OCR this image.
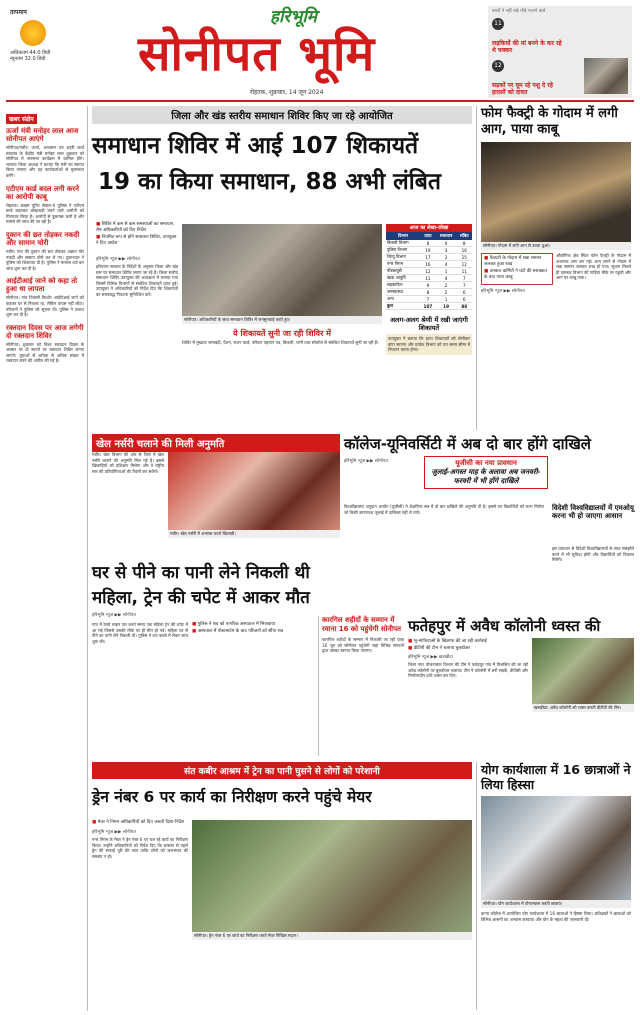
तापमान
अधिकतम 44.0 डिग्री
न्यूनतम 32.0 डिग्री
हरिभूमि
सोनीपत भूमि
रोहतक, शुक्रवार, 14 जून 2024
बच्चों ने नहीं रखे पौधे पालने वाले
11 लड़कियों की मां बनने के कर रहे थे चक्कर
12 सड़कों पर घूम रहे पशु दे रहे हादसों को दावत
खबर संक्षेप
ऊर्जा मंत्री मनोहर लाल आज सोनीपत आएंगे
सोनीपत/गन्नौर। ऊर्जा, आवासन एवं शहरी कार्य मंत्रालय के केंद्रीय मंत्री मनोहर लाल शुक्रवार को सोनीपत में जनसभा कार्यक्रम में शामिल होंगे। भाजपा जिला अध्यक्ष ने बताया कि मंत्री का स्वागत किया जाएगा और वह कार्यकर्ताओं से मुलाकात करेंगे।
एटीएम कार्ड बदल लगी करने का आरोपी काबू
रोहतक। क्राइम यूनिट सेक्टर-9 पुलिस ने एटीएम कार्ड बदलकर धोखाधड़ी करने वाले आरोपी को गिरफ्तार किया है। आरोपी से पूछताछ जारी है और मामले की जांच की जा रही है।
दुकान की छत तोड़कर नकदी और सामान चोरी
गन्नौर। गांव की दुकान की छत तोड़कर अज्ञात चोर नकदी और सामान चोरी कर ले गए। दुकानदार ने पुलिस को शिकायत दी है। पुलिस ने मामला दर्ज कर जांच शुरू कर दी है।
आईटीआई जाने को कहा तो हुआ था लापता
सोनीपत। गांव निवासी किशोर आईटीआई जाने को कहकर घर से निकला था, लेकिन वापस नहीं लौटा। परिजनों ने पुलिस को सूचना दी। पुलिस ने तलाश शुरू कर दी है।
रक्तदान दिवस पर आज लगेगी दो रक्तदान शिविर
सोनीपत। शुक्रवार को विश्व रक्तदान दिवस के अवसर पर दो स्थानों पर रक्तदान शिविर लगाए जाएंगे। युवाओं से अधिक से अधिक संख्या में रक्तदान करने की अपील की गई है।
जिला और खंड स्तरीय समाधान शिविर किए जा रहे आयोजित
समाधान शिविर में आई 107 शिकायतें
19 का किया समाधान, 88 अभी लंबित
■ शिविर में कम से कम समस्याओं का समाधान, शेष अधिकारियों को दिए निर्देश
■ नियमित रूप से होंगे समाधान शिविर, उपायुक्त ने दिए आदेश
सोनीपत। अधिकारियों के साथ समाधान शिविर में जनसुनवाई करते हुए।
हरिभूमि न्यूज ▶▶ सोनीपत
हरियाणा सरकार के निर्देशों के अनुसार जिला और खंड स्तर पर समाधान शिविर लगाए जा रहे हैं। जिला स्तरीय समाधान शिविर उपायुक्त की अध्यक्षता में लगाया गया जिसमें विभिन्न विभागों से संबंधित शिकायतें प्राप्त हुई। उपायुक्त ने अधिकारियों को निर्देश दिए कि शिकायतों का समयबद्ध निपटारा सुनिश्चित करें।
ये शिकायतें सुनी जा रही शिविर में
शिविर में मुख्यतः जमाबंदी, पेंशन, राशन कार्ड, परिवार पहचान पत्र, बिजली, पानी तथा सीवरेज से संबंधित शिकायतें सुनी जा रही हैं।
आज का लेखा-जोखा
विभाग	प्राप्त	समाधान	लंबित
बिजली विभाग	8	0	8
पुलिस विभाग	19	3	16
रेवेन्यू विभाग	17	2	15
नगर निगम	16	4	12
पीडब्ल्यूडी	12	1	11
खाद्य आपूर्ति	11	4	7
सहकारिता	9	2	7
जनस्वास्थ्य	8	2	6
अन्य	7	1	6
कुल	107	19	88
अलग-अलग श्रेणी में रखी जाएंगी शिकायतें
उपायुक्त ने बताया कि प्राप्त शिकायतों को श्रेणीवार बांटा जाएगा और प्रत्येक विभाग को तय समय सीमा में निपटान करना होगा।
फोम फैक्ट्री के गोदाम में लगी आग, पाया काबू
सोनीपत। गोदाम में लगी आग से उठता धुआं।
■ फैक्टरी के गोदाम में रखा सामान जलकर हुआ राख
■ दमकल कर्मियों ने घंटों की मशक्कत के बाद पाया काबू
हरिभूमि न्यूज ▶▶ सोनीपत
औद्योगिक क्षेत्र स्थित फोम फैक्ट्री के गोदाम में अचानक आग लग गई। आग लगने से गोदाम में रखा सामान जलकर राख हो गया। सूचना मिलते ही दमकल विभाग की गाड़ियां मौके पर पहुंची और आग पर काबू पाया।
खेल नर्सरी चलाने की मिली अनुमति
गन्नौर। खेल विभाग की ओर से जिले में खेल नर्सरी चलाने की अनुमति मिल गई है। इससे खिलाड़ियों को प्रशिक्षण मिलेगा और वे राष्ट्रीय स्तर की प्रतियोगिताओं की तैयारी कर सकेंगे।
गन्नौर। खेल नर्सरी में अभ्यास करते खिलाड़ी।
कॉलेज-यूनिवर्सिटी में अब दो बार होंगे दाखिले
हरिभूमि न्यूज ▶▶ सोनीपत	यूजीसी का नया प्रावधान
जुलाई-अगस्त माह के अलावा अब जनवरी-फरवरी में भी होंगे दाखिले
विश्वविद्यालय अनुदान आयोग (यूजीसी) ने शैक्षणिक सत्र में दो बार दाखिले की अनुमति दी है। इससे उन विद्यार्थियों को लाभ मिलेगा जो किसी कारणवश जुलाई में दाखिला नहीं ले पाते।
विदेशी विश्वविद्यालयों में एमओयू करना भी हो जाएगा आसान
इस प्रावधान से विदेशी विश्वविद्यालयों के साथ समझौते करने में भी सुविधा होगी और विद्यार्थियों को विकल्प मिलेंगे।
घर से पीने का पानी लेने निकली थी
महिला, ट्रेन की चपेट में आकर मौत
हरिभूमि न्यूज ▶▶ सोनीपत
■ पुलिस ने शव को नागरिक अस्पताल में भिजवाया
■ अस्पताल में पोस्टमार्टम के बाद परिजनों को सौंपा शव
गांव में रेलवे लाइन पार करते समय एक महिला ट्रेन की चपेट में आ गई जिससे उसकी मौके पर ही मौत हो गई। महिला घर से पीने का पानी लेने निकली थी। पुलिस ने शव कब्जे में लेकर जांच शुरू की।
कारगिल शहीदों के सम्मान में रवाना 16 को पहुंचेगी सोनीपत
कारगिल शहीदों के सम्मान में निकाली जा रही यात्रा 16 जून को सोनीपत पहुंचेगी जहां विभिन्न संगठनों द्वारा उसका स्वागत किया जाएगा।
फतेहपुर में अवैध कॉलोनी ध्वस्त की
■ भू-माफियाओं के खिलाफ की जा रही कार्रवाई
■ डीटीपी की टीम ने चलाया बुलडोजर
हरिभूमि न्यूज ▶▶ खरखौदा
जिला नगर योजनाकार विभाग की टीम ने फतेहपुर गांव में विकसित की जा रही अवैध कॉलोनी पर बुलडोजर चलाया। टीम ने कॉलोनी में बनी सड़कें, डीपीसी और निर्माणाधीन ढांचे ध्वस्त कर दिए।
खरखौदा। अवैध कॉलोनी को ध्वस्त करती डीटीपी की टीम।
संत कबीर आश्रम में ट्रेन का पानी घुसने से लोगों को परेशानी
ड्रेन नंबर 6 पर कार्य का निरीक्षण करने पहुंचे मेयर
■ मेयर ने निगम अधिकारियों को दिए जरूरी दिशा-निर्देश
हरिभूमि न्यूज ▶▶ सोनीपत
नगर निगम के मेयर ने ड्रेन नंबर 6 पर चल रहे कार्य का निरीक्षण किया। उन्होंने अधिकारियों को निर्देश दिए कि बरसात से पहले ड्रेन की सफाई पूरी की जाए ताकि लोगों को जलभराव की समस्या न हो।
सोनीपत। ड्रेन नंबर 6 पर कार्य का निरीक्षण करते मेयर निखिल मदान।
योग कार्यशाला में 16 छात्राओं ने लिया हिस्सा
सोनीपत। योग कार्यशाला में योगाभ्यास करती छात्राएं।
कन्या कॉलेज में आयोजित योग कार्यशाला में 16 छात्राओं ने हिस्सा लिया। प्रशिक्षकों ने छात्राओं को विभिन्न आसनों का अभ्यास करवाया और योग के महत्व की जानकारी दी।
